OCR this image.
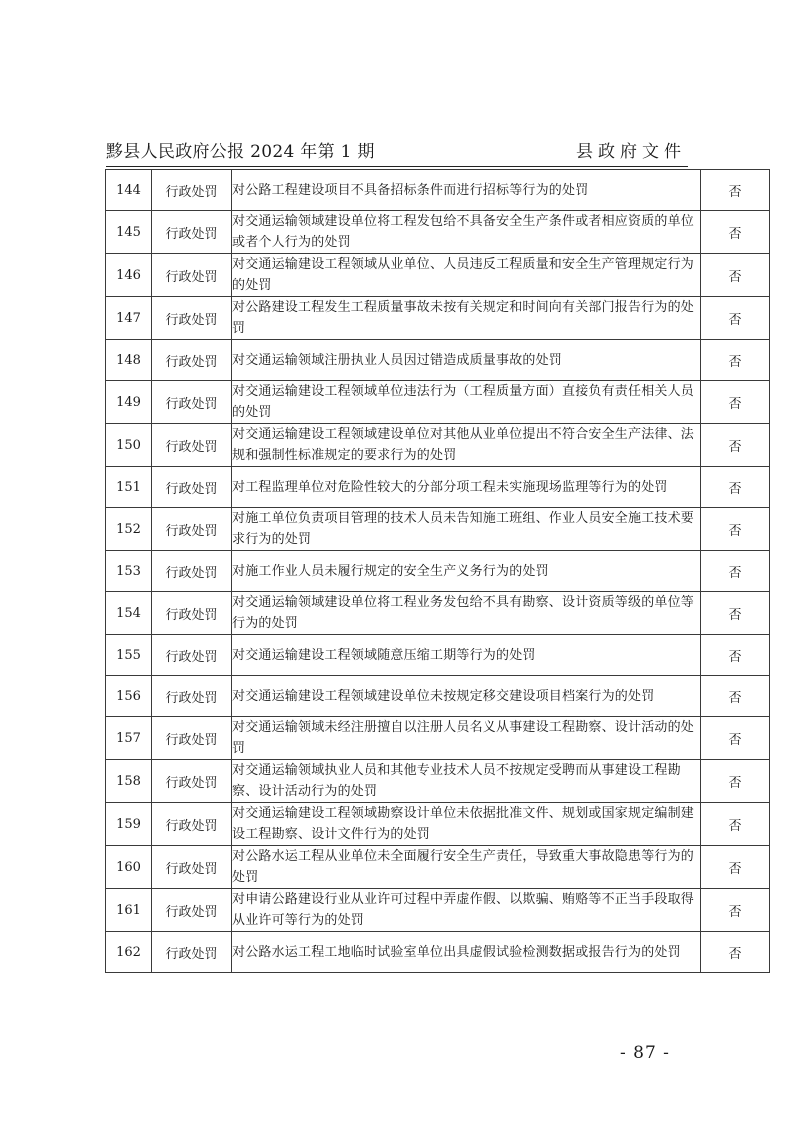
黟县人民政府公报 2024 年第 1 期	县政府文件
144	行政处罚	对公路工程建设项目不具备招标条件而进行招标等行为的处罚	否
145	行政处罚	对交通运输领域建设单位将工程发包给不具备安全生产条件或者相应资质的单位或者个人行为的处罚	否
146	行政处罚	对交通运输建设工程领域从业单位、人员违反工程质量和安全生产管理规定行为的处罚	否
147	行政处罚	对公路建设工程发生工程质量事故未按有关规定和时间向有关部门报告行为的处罚	否
148	行政处罚	对交通运输领域注册执业人员因过错造成质量事故的处罚	否
149	行政处罚	对交通运输建设工程领域单位违法行为（工程质量方面）直接负有责任相关人员的处罚	否
150	行政处罚	对交通运输建设工程领域建设单位对其他从业单位提出不符合安全生产法律、法规和强制性标准规定的要求行为的处罚	否
151	行政处罚	对工程监理单位对危险性较大的分部分项工程未实施现场监理等行为的处罚	否
152	行政处罚	对施工单位负责项目管理的技术人员未告知施工班组、作业人员安全施工技术要求行为的处罚	否
153	行政处罚	对施工作业人员未履行规定的安全生产义务行为的处罚	否
154	行政处罚	对交通运输领域建设单位将工程业务发包给不具有勘察、设计资质等级的单位等行为的处罚	否
155	行政处罚	对交通运输建设工程领域随意压缩工期等行为的处罚	否
156	行政处罚	对交通运输建设工程领域建设单位未按规定移交建设项目档案行为的处罚	否
157	行政处罚	对交通运输领域未经注册擅自以注册人员名义从事建设工程勘察、设计活动的处罚	否
158	行政处罚	对交通运输领域执业人员和其他专业技术人员不按规定受聘而从事建设工程勘察、设计活动行为的处罚	否
159	行政处罚	对交通运输建设工程领域勘察设计单位未依据批准文件、规划或国家规定编制建设工程勘察、设计文件行为的处罚	否
160	行政处罚	对公路水运工程从业单位未全面履行安全生产责任，导致重大事故隐患等行为的处罚	否
161	行政处罚	对申请公路建设行业从业许可过程中弄虚作假、以欺骗、贿赂等不正当手段取得从业许可等行为的处罚	否
162	行政处罚	对公路水运工程工地临时试验室单位出具虚假试验检测数据或报告行为的处罚	否
- 87 -
